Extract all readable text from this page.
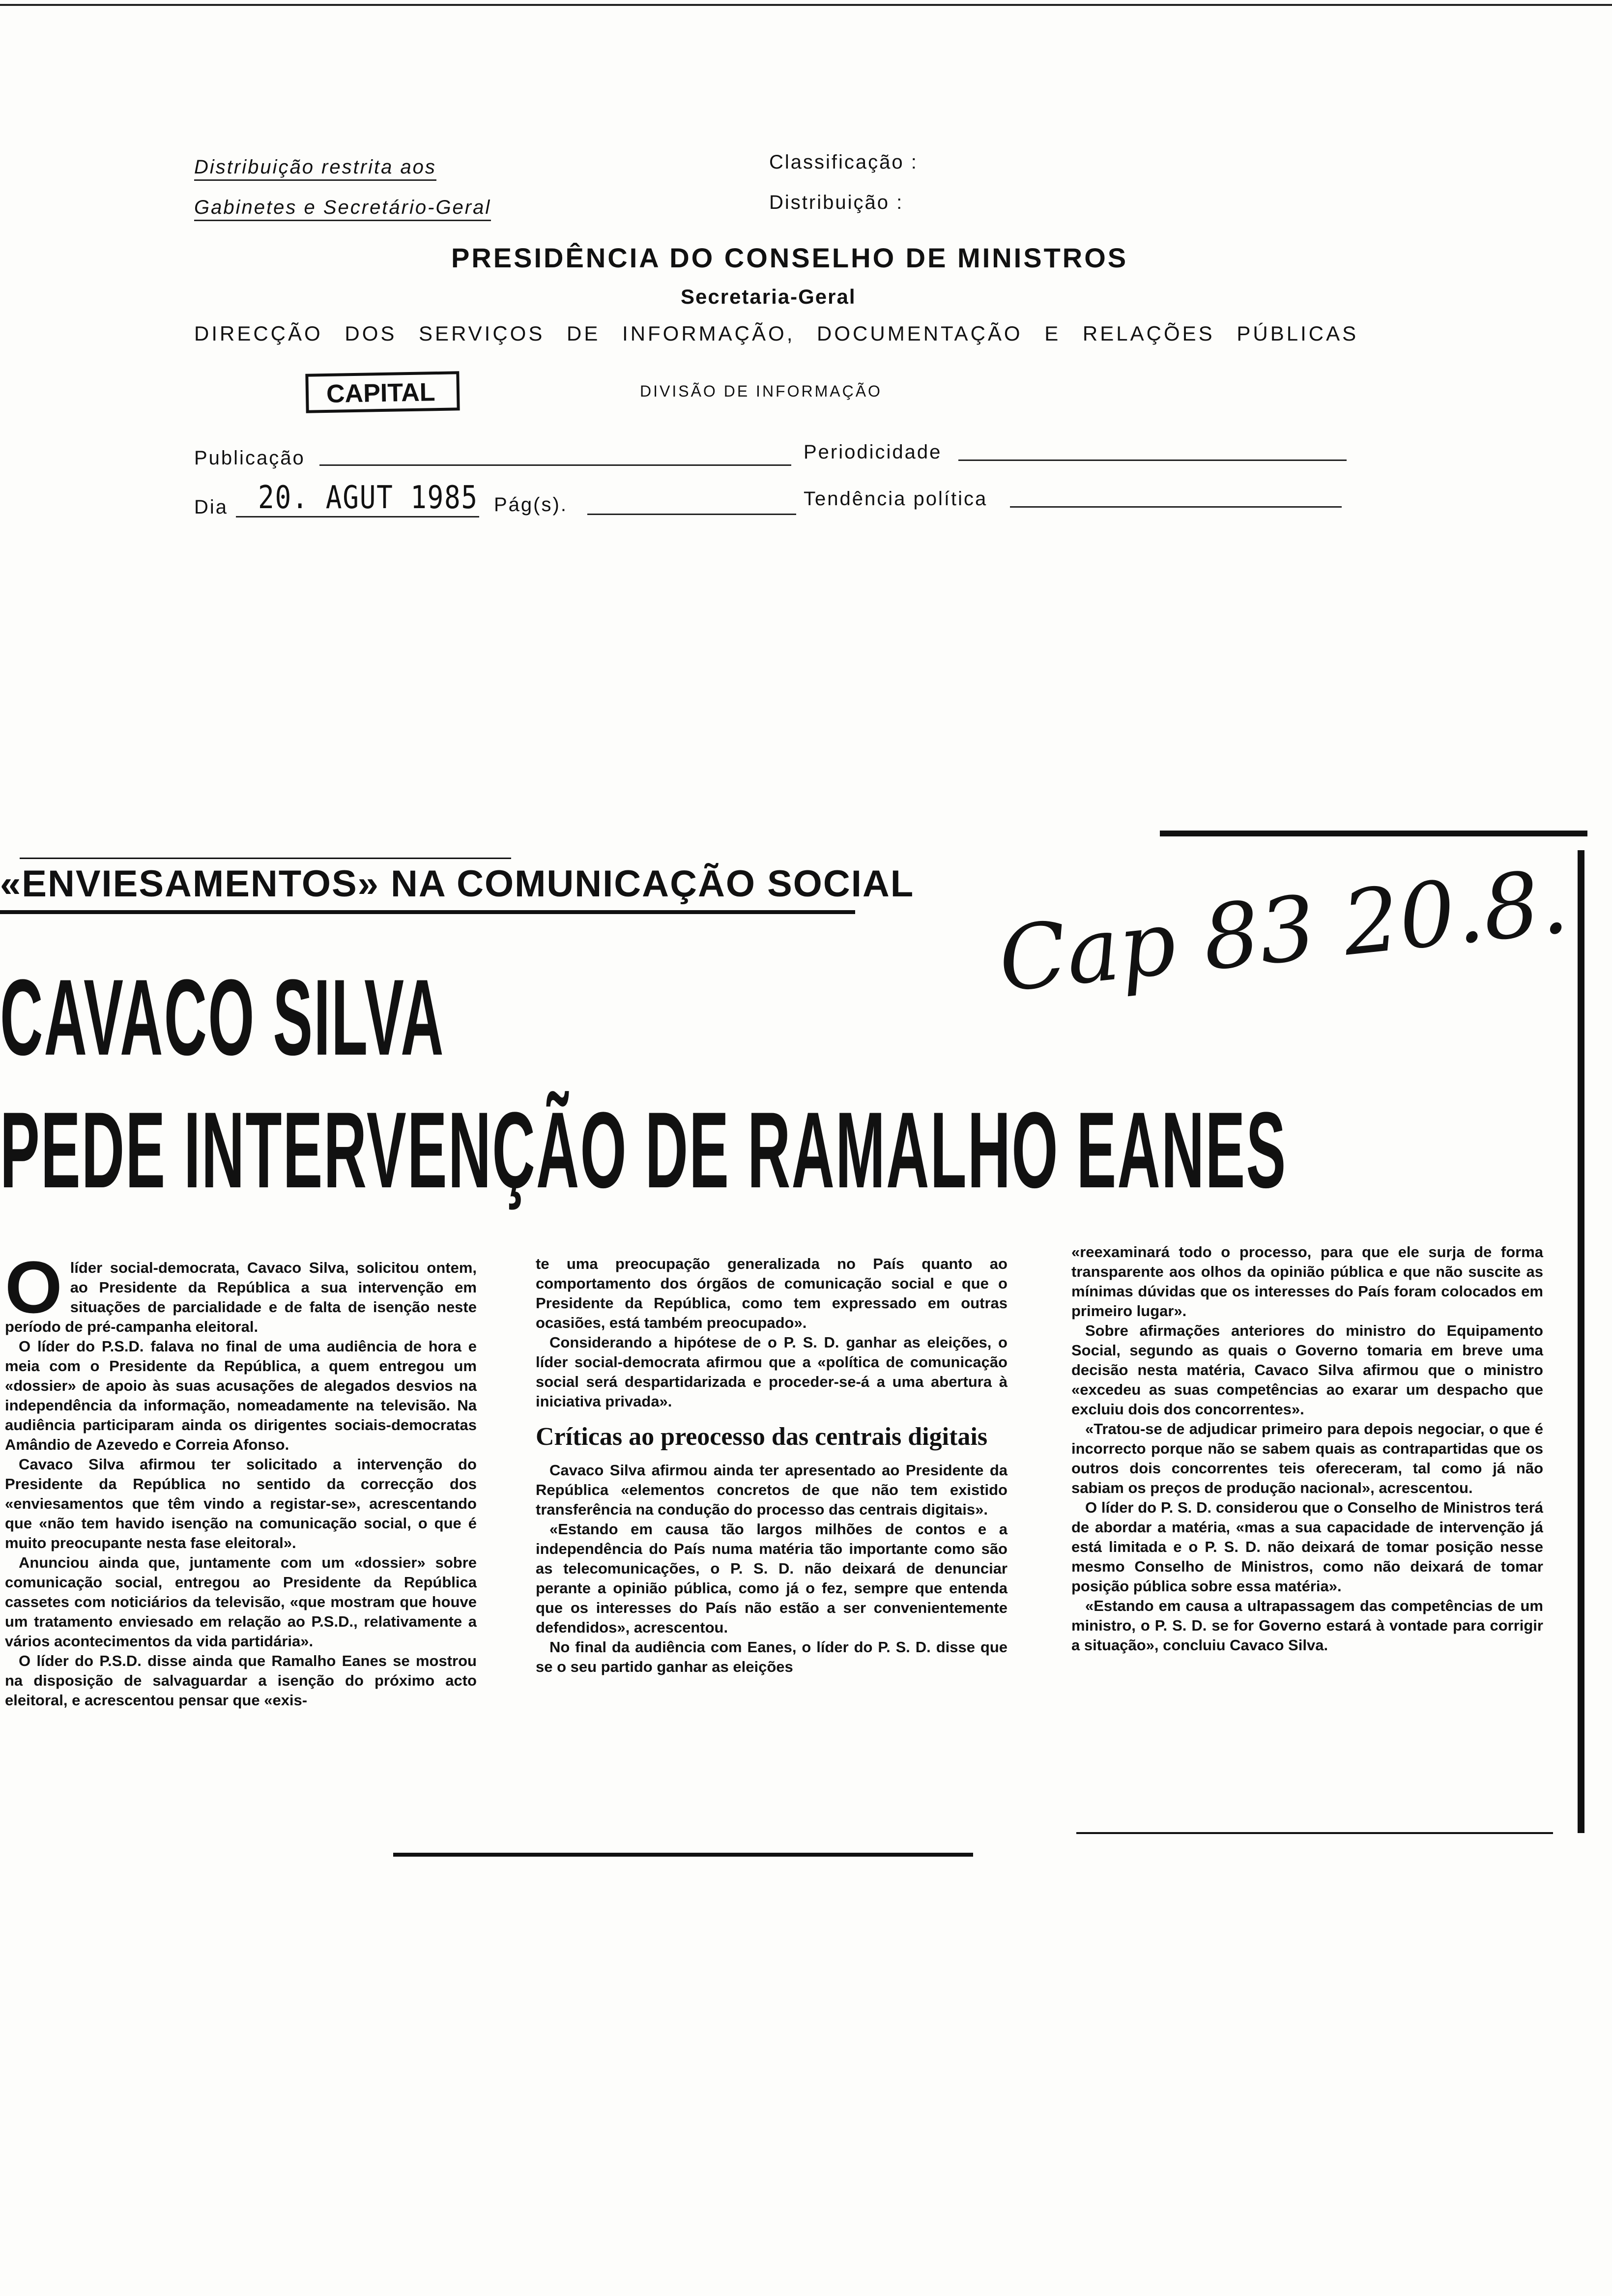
Distribuição restrita aos
Gabinetes e Secretário-Geral
Classificação :
Distribuição :
PRESIDÊNCIA DO CONSELHO DE MINISTROS
Secretaria-Geral
DIRECÇÃO DOS SERVIÇOS DE INFORMAÇÃO, DOCUMENTAÇÃO E RELAÇÕES PÚBLICAS
CAPITAL	DIVISÃO DE INFORMAÇÃO
Publicação	Periodicidade
Dia 20. AGUT 1985 Pág(s).	Tendência política
«ENVIESAMENTOS» NA COMUNICAÇÃO SOCIAL
CAVACO SILVA
PEDE INTERVENÇÃO DE RAMALHO EANES
Cap 83 20.8.
O líder social-democrata, Cavaco Silva, solicitou ontem, ao Presidente da República a sua intervenção em situações de parcialidade e de falta de isenção neste período de pré-campanha eleitoral.

O líder do P.S.D. falava no final de uma audiência de hora e meia com o Presidente da República, a quem entregou um «dossier» de apoio às suas acusações de alegados desvios na independência da informação, nomeadamente na televisão. Na audiência participaram ainda os dirigentes sociais-democratas Amândio de Azevedo e Correia Afonso.

Cavaco Silva afirmou ter solicitado a intervenção do Presidente da República no sentido da correcção dos «enviesamentos que têm vindo a registar-se», acrescentando que «não tem havido isenção na comunicação social, o que é muito preocupante nesta fase eleitoral».

Anunciou ainda que, juntamente com um «dossier» sobre comunicação social, entregou ao Presidente da República cassetes com noticiários da televisão, «que mostram que houve um tratamento enviesado em relação ao P.S.D., relativamente a vários acontecimentos da vida partidária».

O líder do P.S.D. disse ainda que Ramalho Eanes se mostrou na disposição de salvaguardar a isenção do próximo acto eleitoral, e acrescentou pensar que «exis-

te uma preocupação generalizada no País quanto ao comportamento dos órgãos de comunicação social e que o Presidente da República, como tem expressado em outras ocasiões, está também preocupado».

Considerando a hipótese de o P. S. D. ganhar as eleições, o líder social-democrata afirmou que a «política de comunicação social será despartidarizada e proceder-se-á a uma abertura à iniciativa privada».

Críticas ao preocesso das centrais digitais

Cavaco Silva afirmou ainda ter apresentado ao Presidente da República «elementos concretos de que não tem existido transferência na condução do processo das centrais digitais».

«Estando em causa tão largos milhões de contos e a independência do País numa matéria tão importante como são as telecomunicações, o P. S. D. não deixará de denunciar perante a opinião pública, como já o fez, sempre que entenda que os interesses do País não estão a ser convenientemente defendidos», acrescentou.

No final da audiência com Eanes, o líder do P. S. D. disse que se o seu partido ganhar as eleições

«reexaminará todo o processo, para que ele surja de forma transparente aos olhos da opinião pública e que não suscite as mínimas dúvidas que os interesses do País foram colocados em primeiro lugar».

Sobre afirmações anteriores do ministro do Equipamento Social, segundo as quais o Governo tomaria em breve uma decisão nesta matéria, Cavaco Silva afirmou que o ministro «excedeu as suas competências ao exarar um despacho que excluiu dois dos concorrentes».

«Tratou-se de adjudicar primeiro para depois negociar, o que é incorrecto porque não se sabem quais as contrapartidas que os outros dois concorrentes teis ofereceram, tal como já não sabiam os preços de produção nacional», acrescentou.

O líder do P. S. D. considerou que o Conselho de Ministros terá de abordar a matéria, «mas a sua capacidade de intervenção já está limitada e o P. S. D. não deixará de tomar posição nesse mesmo Conselho de Ministros, como não deixará de tomar posição pública sobre essa matéria».

«Estando em causa a ultrapassagem das competências de um ministro, o P. S. D. se for Governo estará à vontade para corrigir a situação», concluiu Cavaco Silva.
